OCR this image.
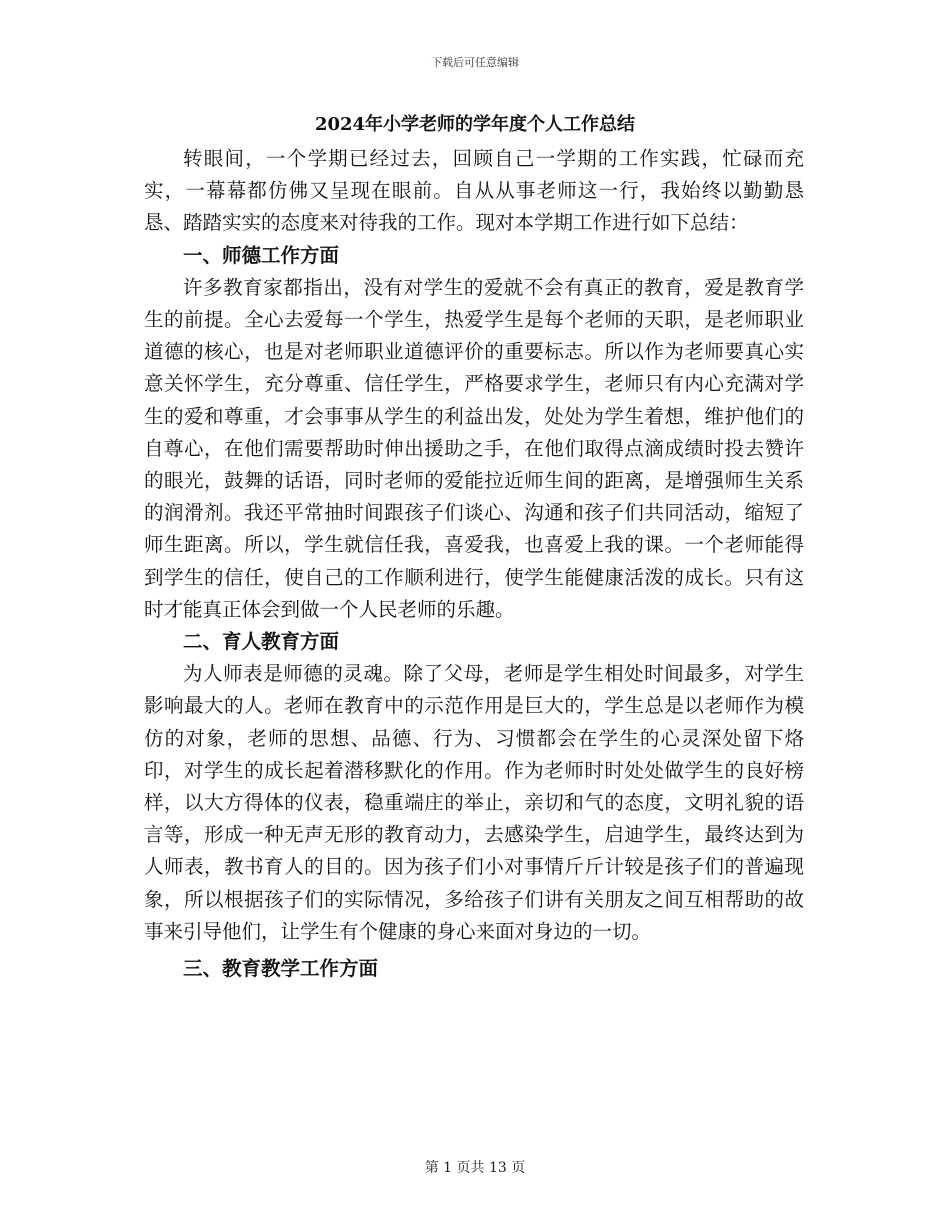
下载后可任意编辑
2024年小学老师的学年度个人工作总结

转眼间，一个学期已经过去，回顾自己一学期的工作实践，忙碌而充实，一幕幕都仿佛又呈现在眼前。自从从事老师这一行，我始终以勤勤恳恳、踏踏实实的态度来对待我的工作。现对本学期工作进行如下总结：

一、师德工作方面

许多教育家都指出，没有对学生的爱就不会有真正的教育，爱是教育学生的前提。全心去爱每一个学生，热爱学生是每个老师的天职，是老师职业道德的核心，也是对老师职业道德评价的重要标志。所以作为老师要真心实意关怀学生，充分尊重、信任学生，严格要求学生，老师只有内心充满对学生的爱和尊重，才会事事从学生的利益出发，处处为学生着想，维护他们的自尊心，在他们需要帮助时伸出援助之手，在他们取得点滴成绩时投去赞许的眼光，鼓舞的话语，同时老师的爱能拉近师生间的距离，是增强师生关系的润滑剂。我还平常抽时间跟孩子们谈心、沟通和孩子们共同活动，缩短了师生距离。所以，学生就信任我，喜爱我，也喜爱上我的课。一个老师能得到学生的信任，使自己的工作顺利进行，使学生能健康活泼的成长。只有这时才能真正体会到做一个人民老师的乐趣。

二、育人教育方面

为人师表是师德的灵魂。除了父母，老师是学生相处时间最多，对学生影响最大的人。老师在教育中的示范作用是巨大的，学生总是以老师作为模仿的对象，老师的思想、品德、行为、习惯都会在学生的心灵深处留下烙印，对学生的成长起着潜移默化的作用。作为老师时时处处做学生的良好榜样，以大方得体的仪表，稳重端庄的举止，亲切和气的态度，文明礼貌的语言等，形成一种无声无形的教育动力，去感染学生，启迪学生，最终达到为人师表，教书育人的目的。因为孩子们小对事情斤斤计较是孩子们的普遍现象，所以根据孩子们的实际情况，多给孩子们讲有关朋友之间互相帮助的故事来引导他们，让学生有个健康的身心来面对身边的一切。

三、教育教学工作方面
第 1 页共 13 页
